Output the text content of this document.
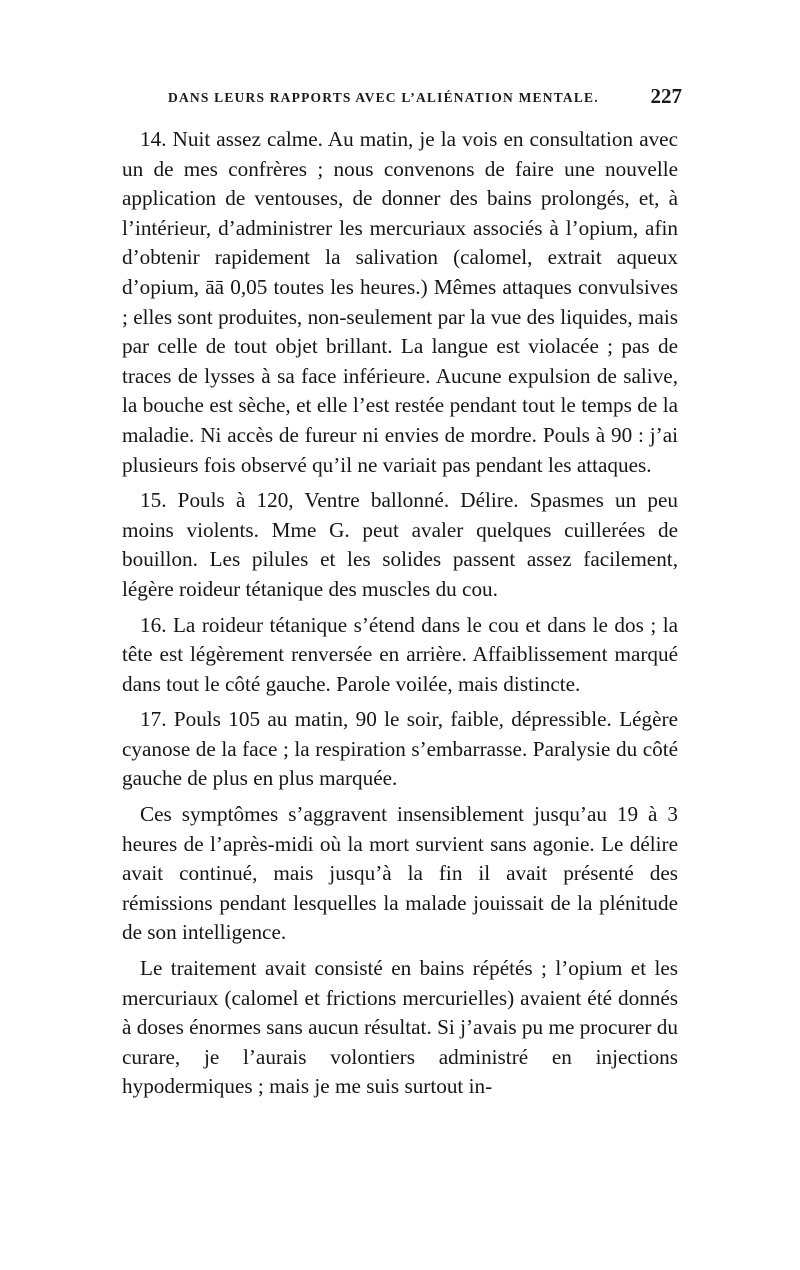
DANS LEURS RAPPORTS AVEC L’ALIÉNATION MENTALE. 227

14. Nuit assez calme. Au matin, je la vois en consultation avec un de mes confrères ; nous convenons de faire une nouvelle application de ventouses, de donner des bains prolongés, et, à l’intérieur, d’administrer les mercuriaux associés à l’opium, afin d’obtenir rapidement la salivation (calomel, extrait aqueux d’opium, āā 0,05 toutes les heures.) Mêmes attaques convulsives ; elles sont produites, non-seulement par la vue des liquides, mais par celle de tout objet brillant. La langue est violacée ; pas de traces de lysses à sa face inférieure. Aucune expulsion de salive, la bouche est sèche, et elle l’est restée pendant tout le temps de la maladie. Ni accès de fureur ni envies de mordre. Pouls à 90 : j’ai plusieurs fois observé qu’il ne variait pas pendant les attaques.

15. Pouls à 120, Ventre ballonné. Délire. Spasmes un peu moins violents. Mme G. peut avaler quelques cuillerées de bouillon. Les pilules et les solides passent assez facilement, légère roideur tétanique des muscles du cou.

16. La roideur tétanique s’étend dans le cou et dans le dos ; la tête est légèrement renversée en arrière. Affaiblissement marqué dans tout le côté gauche. Parole voilée, mais distincte.

17. Pouls 105 au matin, 90 le soir, faible, dépressible. Légère cyanose de la face ; la respiration s’embarrasse. Paralysie du côté gauche de plus en plus marquée.

Ces symptômes s’aggravent insensiblement jusqu’au 19 à 3 heures de l’après-midi où la mort survient sans agonie. Le délire avait continué, mais jusqu’à la fin il avait présenté des rémissions pendant lesquelles la malade jouissait de la plénitude de son intelligence.

Le traitement avait consisté en bains répétés ; l’opium et les mercuriaux (calomel et frictions mercurielles) avaient été donnés à doses énormes sans aucun résultat. Si j’avais pu me procurer du curare, je l’aurais volontiers administré en injections hypodermiques ; mais je me suis surtout in-
